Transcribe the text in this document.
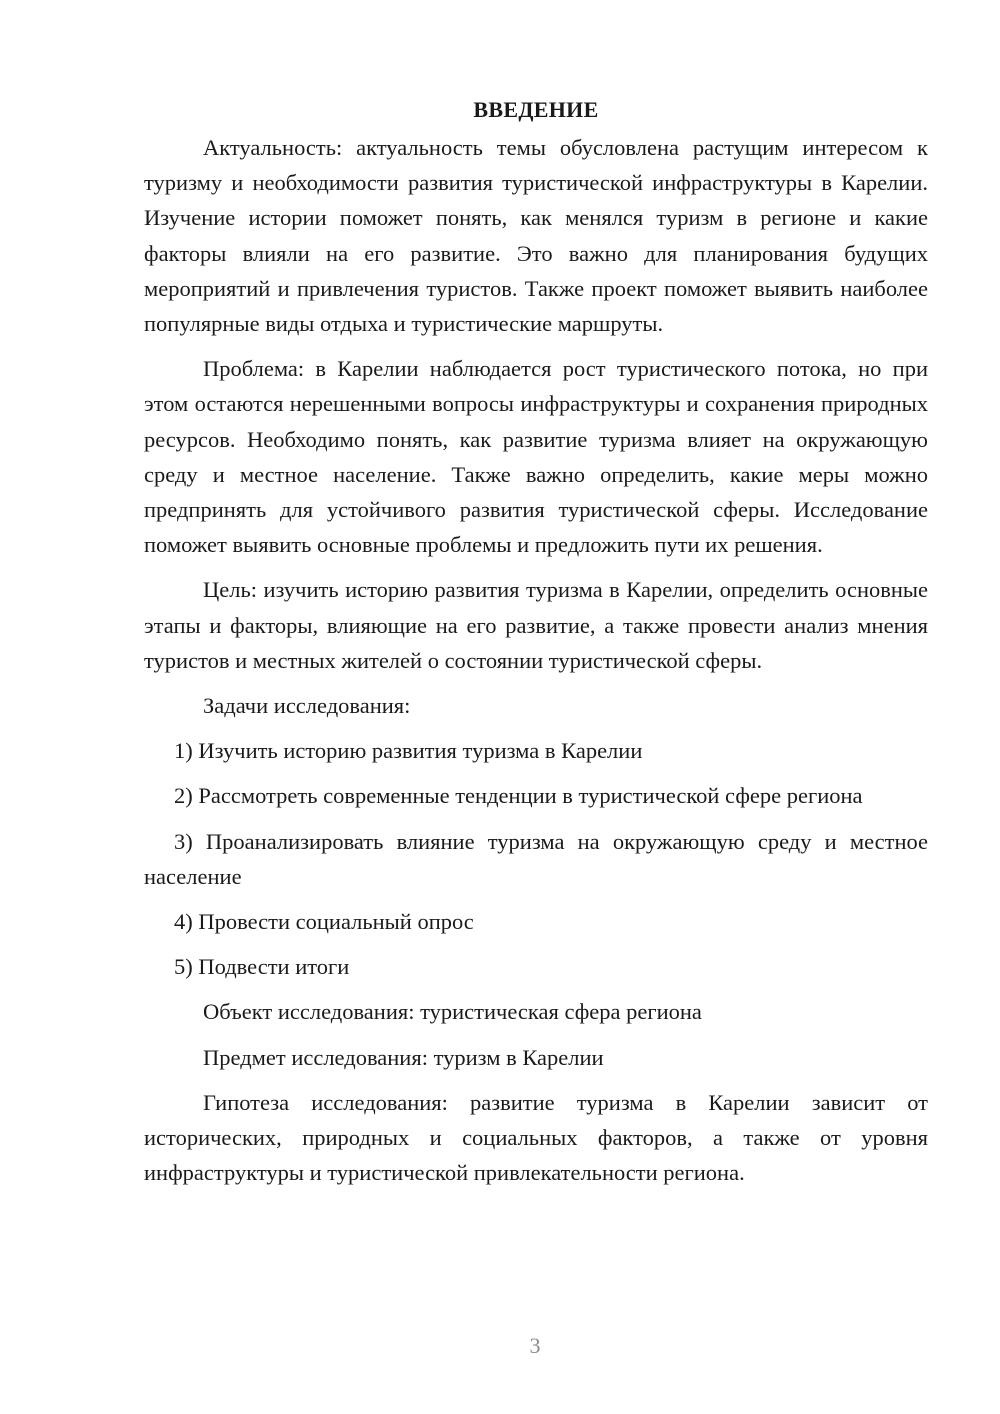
ВВЕДЕНИЕ

Актуальность: актуальность темы обусловлена растущим интересом к туризму и необходимости развития туристической инфраструктуры в Карелии. Изучение истории поможет понять, как менялся туризм в регионе и какие факторы влияли на его развитие. Это важно для планирования будущих мероприятий и привлечения туристов. Также проект поможет выявить наиболее популярные виды отдыха и туристические маршруты.

Проблема: в Карелии наблюдается рост туристического потока, но при этом остаются нерешенными вопросы инфраструктуры и сохранения природных ресурсов. Необходимо понять, как развитие туризма влияет на окружающую среду и местное население. Также важно определить, какие меры можно предпринять для устойчивого развития туристической сферы. Исследование поможет выявить основные проблемы и предложить пути их решения.

Цель: изучить историю развития туризма в Карелии, определить основные этапы и факторы, влияющие на его развитие, а также провести анализ мнения туристов и местных жителей о состоянии туристической сферы.

Задачи исследования:

1) Изучить историю развития туризма в Карелии

2) Рассмотреть современные тенденции в туристической сфере региона

3) Проанализировать влияние туризма на окружающую среду и местное население

4) Провести социальный опрос

5) Подвести итоги

Объект исследования: туристическая сфера региона

Предмет исследования: туризм в Карелии

Гипотеза исследования: развитие туризма в Карелии зависит от исторических, природных и социальных факторов, а также от уровня инфраструктуры и туристической привлекательности региона.

3
